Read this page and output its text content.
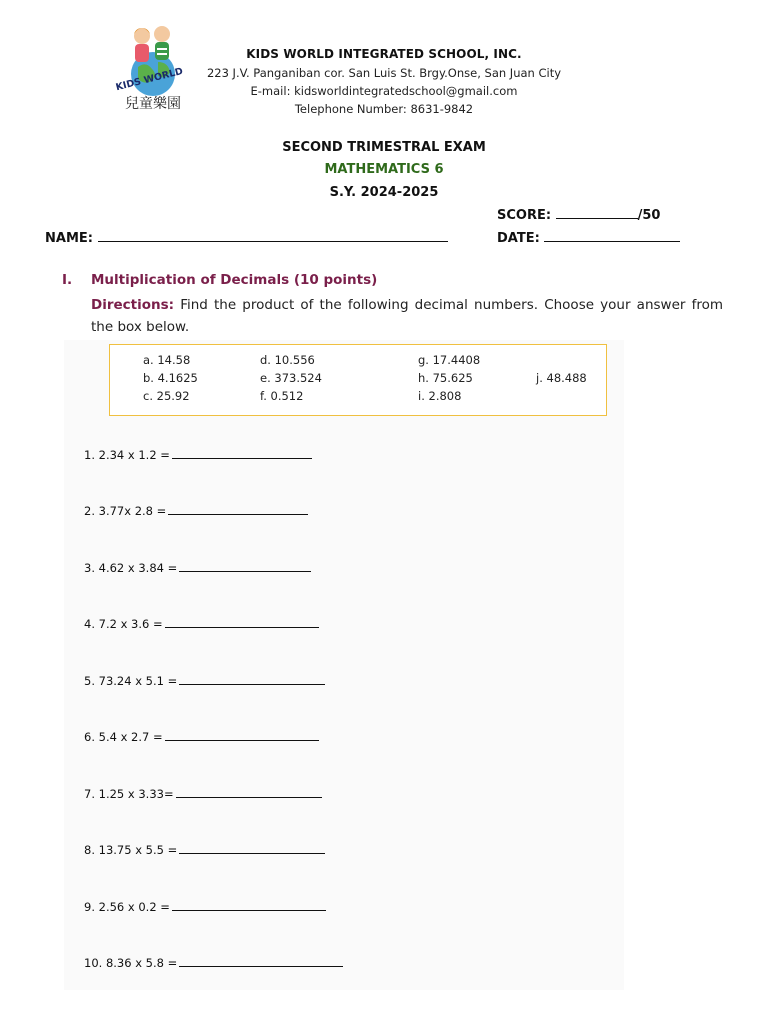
KIDS WORLD
兒童樂園
KIDS WORLD INTEGRATED SCHOOL, INC.
223 J.V. Panganiban cor. San Luis St. Brgy.Onse, San Juan City
E-mail: kidsworldintegratedschool@gmail.com
Telephone Number: 8631-9842
SECOND TRIMESTRAL EXAM
MATHEMATICS 6
S.Y. 2024-2025
SCORE:	/50
NAME:	DATE:
I. Multiplication of Decimals (10 points)
Directions: Find the product of the following decimal numbers. Choose your answer from the box below.
a. 14.58
b. 4.1625
c. 25.92
d. 10.556
e. 373.524
f. 0.512
g. 17.4408
h. 75.625
i. 2.808
j. 48.488
1. 2.34 x 1.2 =
2. 3.77x 2.8 =
3. 4.62 x 3.84 =
4. 7.2 x 3.6 =
5. 73.24 x 5.1 =
6. 5.4 x 2.7 =
7. 1.25 x 3.33=
8. 13.75 x 5.5 =
9. 2.56 x 0.2 =
10. 8.36 x 5.8 =
